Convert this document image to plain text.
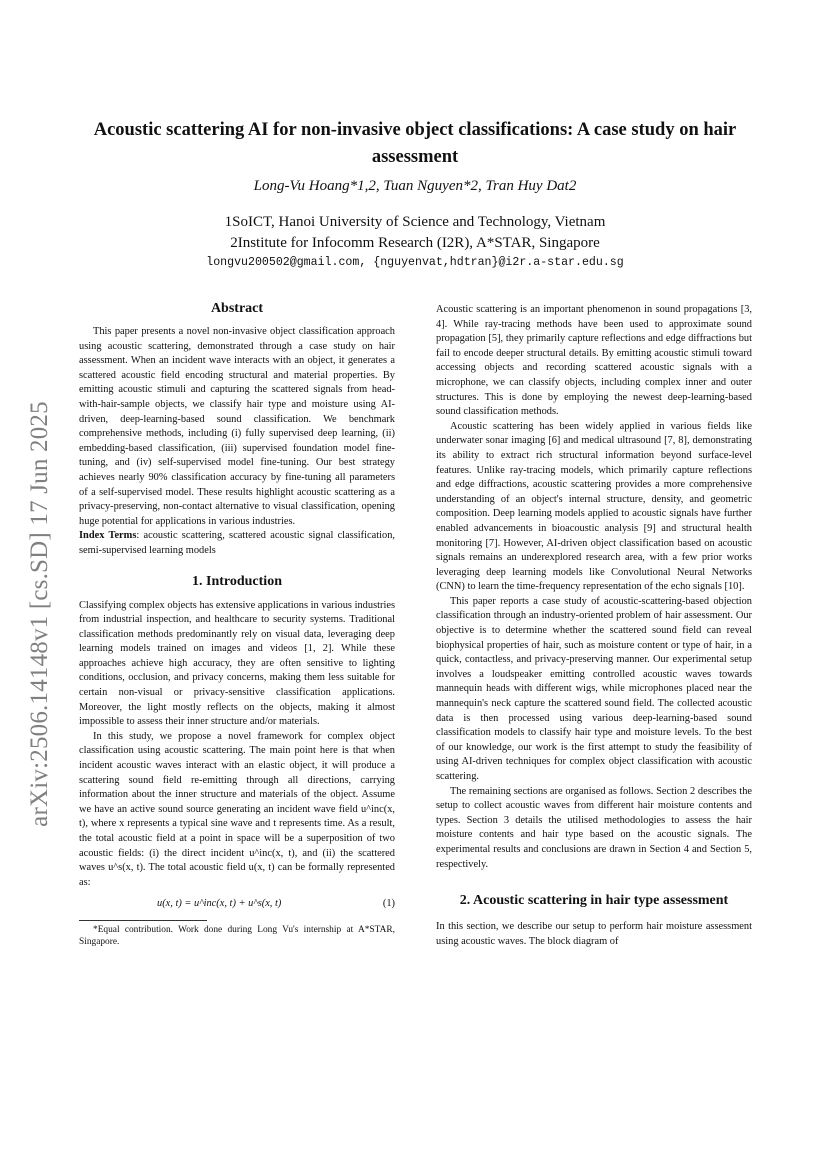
arXiv:2506.14148v1 [cs.SD] 17 Jun 2025
Acoustic scattering AI for non-invasive object classifications: A case study on hair assessment
Long-Vu Hoang*1,2, Tuan Nguyen*2, Tran Huy Dat2
1SoICT, Hanoi University of Science and Technology, Vietnam
2Institute for Infocomm Research (I2R), A*STAR, Singapore
longvu200502@gmail.com, {nguyenvat,hdtran}@i2r.a-star.edu.sg
Abstract

This paper presents a novel non-invasive object classification approach using acoustic scattering, demonstrated through a case study on hair assessment. When an incident wave interacts with an object, it generates a scattered acoustic field encoding structural and material properties. By emitting acoustic stimuli and capturing the scattered signals from head-with-hair-sample objects, we classify hair type and moisture using AI-driven, deep-learning-based sound classification. We benchmark comprehensive methods, including (i) fully supervised deep learning, (ii) embedding-based classification, (iii) supervised foundation model fine-tuning, and (iv) self-supervised model fine-tuning. Our best strategy achieves nearly 90% classification accuracy by fine-tuning all parameters of a self-supervised model. These results highlight acoustic scattering as a privacy-preserving, non-contact alternative to visual classification, opening huge potential for applications in various industries.

Index Terms: acoustic scattering, scattered acoustic signal classification, semi-supervised learning models

1. Introduction

Classifying complex objects has extensive applications in various industries from industrial inspection, and healthcare to security systems. Traditional classification methods predominantly rely on visual data, leveraging deep learning models trained on images and videos [1, 2]. While these approaches achieve high accuracy, they are often sensitive to lighting conditions, occlusion, and privacy concerns, making them less suitable for certain non-visual or privacy-sensitive classification applications. Moreover, the light mostly reflects on the objects, making it almost impossible to assess their inner structure and/or materials.

In this study, we propose a novel framework for complex object classification using acoustic scattering. The main point here is that when incident acoustic waves interact with an elastic object, it will produce a scattering sound field re-emitting through all directions, carrying information about the inner structure and materials of the object. Assume we have an active sound source generating an incident wave field u^inc(x, t), where x represents a typical sine wave and t represents time. As a result, the total acoustic field at a point in space will be a superposition of two acoustic fields: (i) the direct incident u^inc(x, t), and (ii) the scattered waves u^s(x, t). The total acoustic field u(x, t) can be formally represented as:

u(x, t) = u^inc(x, t) + u^s(x, t)	(1)

*Equal contribution. Work done during Long Vu's internship at A*STAR, Singapore.

Acoustic scattering is an important phenomenon in sound propagations [3, 4]. While ray-tracing methods have been used to approximate sound propagation [5], they primarily capture reflections and edge diffractions but fail to encode deeper structural details. By emitting acoustic stimuli toward accessing objects and recording scattered acoustic signals with a microphone, we can classify objects, including complex inner and outer structures. This is done by employing the newest deep-learning-based sound classification methods.

Acoustic scattering has been widely applied in various fields like underwater sonar imaging [6] and medical ultrasound [7, 8], demonstrating its ability to extract rich structural information beyond surface-level features. Unlike ray-tracing models, which primarily capture reflections and edge diffractions, acoustic scattering provides a more comprehensive understanding of an object's internal structure, density, and geometric composition. Deep learning models applied to acoustic signals have further enabled advancements in bioacoustic analysis [9] and structural health monitoring [7]. However, AI-driven object classification based on acoustic signals remains an underexplored research area, with a few prior works leveraging deep learning models like Convolutional Neural Networks (CNN) to learn the time-frequency representation of the echo signals [10].

This paper reports a case study of acoustic-scattering-based objection classification through an industry-oriented problem of hair assessment. Our objective is to determine whether the scattered sound field can reveal biophysical properties of hair, such as moisture content or type of hair, in a quick, contactless, and privacy-preserving manner. Our experimental setup involves a loudspeaker emitting controlled acoustic waves towards mannequin heads with different wigs, while microphones placed near the mannequin's neck capture the scattered sound field. The collected acoustic data is then processed using various deep-learning-based sound classification models to classify hair type and moisture levels. To the best of our knowledge, our work is the first attempt to study the feasibility of using AI-driven techniques for complex object classification with acoustic scattering.

The remaining sections are organised as follows. Section 2 describes the setup to collect acoustic waves from different hair moisture contents and types. Section 3 details the utilised methodologies to assess the hair moisture contents and hair type based on the acoustic signals. The experimental results and conclusions are drawn in Section 4 and Section 5, respectively.

2. Acoustic scattering in hair type assessment

In this section, we describe our setup to perform hair moisture assessment using acoustic waves. The block diagram of
